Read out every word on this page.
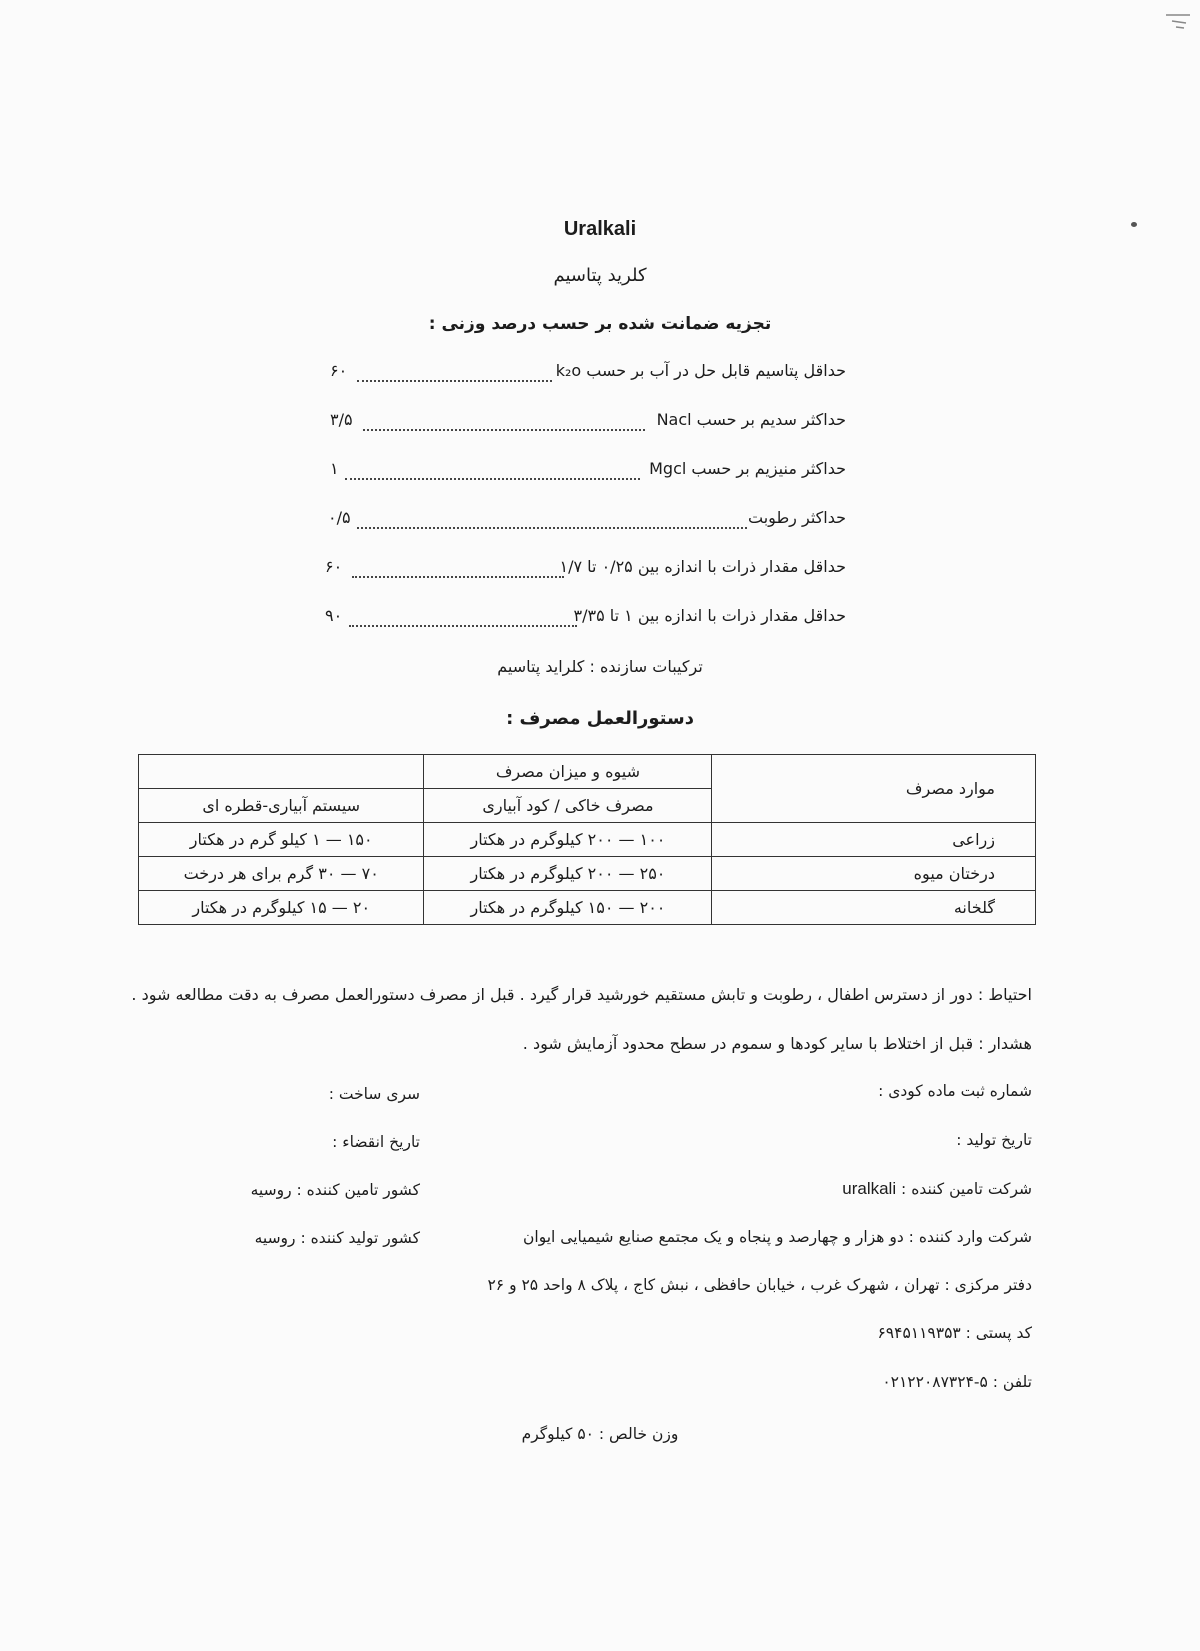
Uralkali
کلرید پتاسیم
تجزیه ضمانت شده بر حسب درصد وزنی :
حداقل پتاسیم قابل حل در آب بر حسب k₂o
۶۰
حداکثر سدیم بر حسب Nacl
۳/۵
حداکثر منیزیم بر حسب Mgcl
۱
حداکثر رطوبت
۰/۵
حداقل مقدار ذرات با اندازه بین ۰/۲۵ تا ۱/۷
۶۰
حداقل مقدار ذرات با اندازه بین ۱ تا ۳/۳۵
۹۰
ترکیبات سازنده : کلراید پتاسیم
دستورالعمل مصرف :
موارد مصرف	شیوه و میزان مصرف	
	مصرف خاکی / کود آبیاری	سیستم آبیاری-قطره ای
زراعی	۱۰۰ — ۲۰۰ کیلوگرم در هکتار	۱۵۰ — ۱ کیلو گرم در هکتار
درختان میوه	۲۵۰ — ۲۰۰ کیلوگرم در هکتار	۷۰ — ۳۰ گرم برای هر درخت
گلخانه	۲۰۰ — ۱۵۰ کیلوگرم در هکتار	۲۰ — ۱۵ کیلوگرم در هکتار
احتیاط : دور از دسترس اطفال ، رطوبت و تابش مستقیم خورشید قرار گیرد . قبل از مصرف دستورالعمل مصرف به دقت مطالعه شود .
هشدار : قبل از اختلاط با سایر کودها و سموم در سطح محدود آزمایش شود .
شماره ثبت ماده کودی :
سری ساخت :
تاریخ تولید :
تاریخ انقضاء :
شرکت تامین کننده : uralkali
کشور تامین کننده : روسیه
شرکت وارد کننده : دو هزار و چهارصد و پنجاه و یک مجتمع صنایع شیمیایی ایوان
کشور تولید کننده : روسیه
دفتر مرکزی : تهران ، شهرک غرب ، خیابان حافظی ، نبش کاج ، پلاک ۸ واحد ۲۵ و ۲۶
کد پستی : ۶۹۴۵۱۱۹۳۵۳
تلفن : ۵-۰۲۱۲۲۰۸۷۳۲۴
وزن خالص : ۵۰ کیلوگرم
